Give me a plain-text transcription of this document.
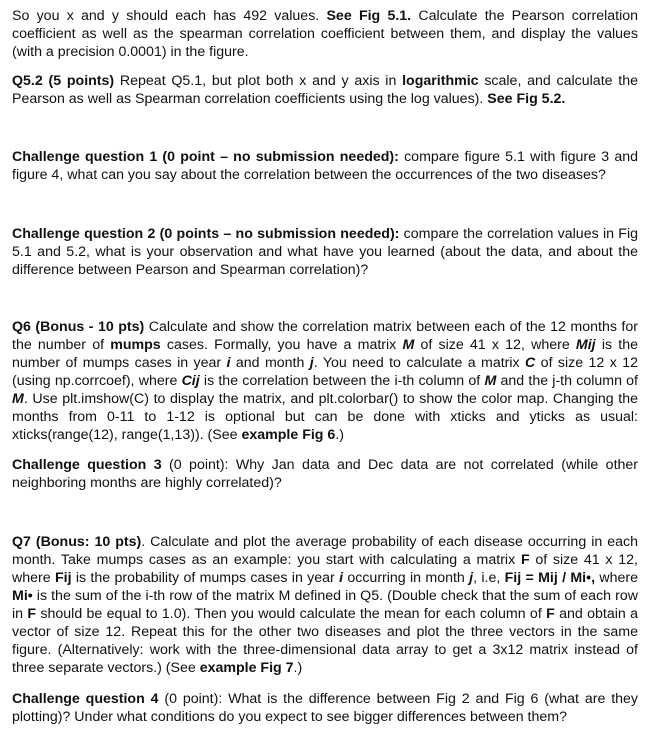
So you x and y should each has 492 values. See Fig 5.1. Calculate the Pearson correlation coefficient as well as the spearman correlation coefficient between them, and display the values (with a precision 0.0001) in the figure.

Q5.2 (5 points) Repeat Q5.1, but plot both x and y axis in logarithmic scale, and calculate the Pearson as well as Spearman correlation coefficients using the log values). See Fig 5.2.

Challenge question 1 (0 point – no submission needed): compare figure 5.1 with figure 3 and figure 4, what can you say about the correlation between the occurrences of the two diseases?

Challenge question 2 (0 points – no submission needed): compare the correlation values in Fig 5.1 and 5.2, what is your observation and what have you learned (about the data, and about the difference between Pearson and Spearman correlation)?

Q6 (Bonus - 10 pts) Calculate and show the correlation matrix between each of the 12 months for the number of mumps cases. Formally, you have a matrix M of size 41 x 12, where Mij is the number of mumps cases in year i and month j. You need to calculate a matrix C of size 12 x 12 (using np.corrcoef), where Cij is the correlation between the i-th column of M and the j-th column of M. Use plt.imshow(C) to display the matrix, and plt.colorbar() to show the color map. Changing the months from 0-11 to 1-12 is optional but can be done with xticks and yticks as usual: xticks(range(12), range(1,13)). (See example Fig 6.)

Challenge question 3 (0 point): Why Jan data and Dec data are not correlated (while other neighboring months are highly correlated)?

Q7 (Bonus: 10 pts). Calculate and plot the average probability of each disease occurring in each month. Take mumps cases as an example: you start with calculating a matrix F of size 41 x 12, where Fij is the probability of mumps cases in year i occurring in month j, i.e, Fij = Mij / Mi•, where Mi• is the sum of the i-th row of the matrix M defined in Q5. (Double check that the sum of each row in F should be equal to 1.0). Then you would calculate the mean for each column of F and obtain a vector of size 12. Repeat this for the other two diseases and plot the three vectors in the same figure. (Alternatively: work with the three-dimensional data array to get a 3x12 matrix instead of three separate vectors.) (See example Fig 7.)

Challenge question 4 (0 point): What is the difference between Fig 2 and Fig 6 (what are they plotting)? Under what conditions do you expect to see bigger differences between them?
